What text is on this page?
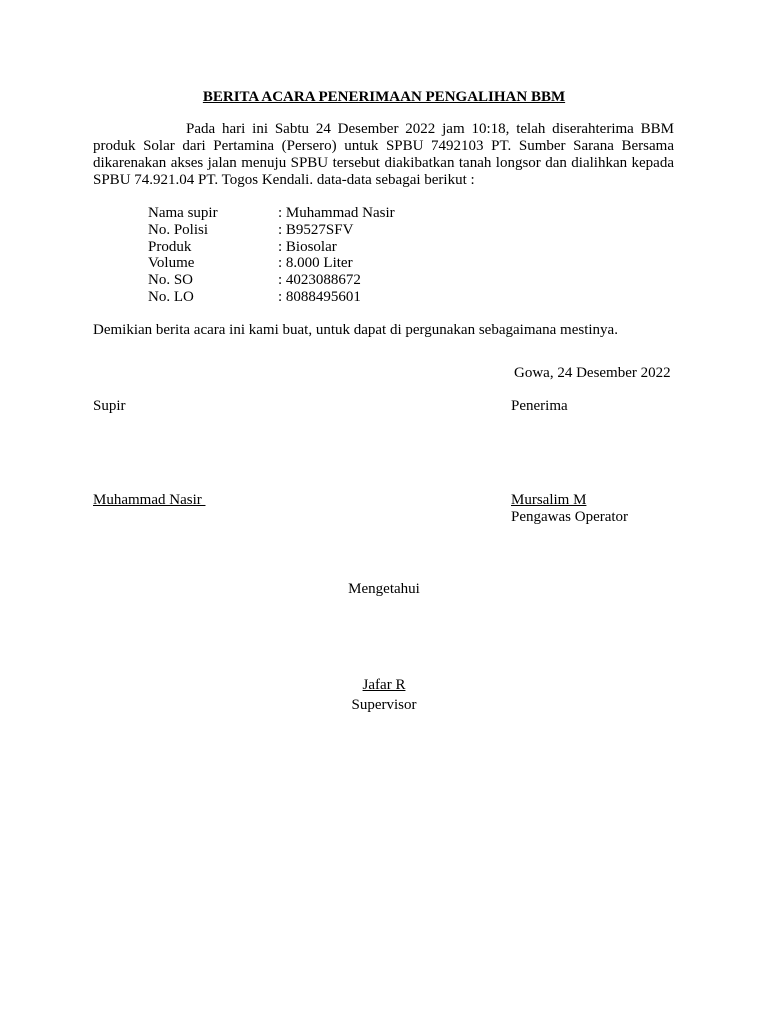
BERITA ACARA PENERIMAAN PENGALIHAN BBM
Pada hari ini Sabtu 24 Desember 2022 jam 10:18, telah diserahterima BBM produk Solar dari Pertamina (Persero) untuk SPBU 7492103 PT. Sumber Sarana Bersama dikarenakan akses jalan menuju SPBU tersebut diakibatkan tanah longsor dan dialihkan kepada SPBU 74.921.04 PT. Togos Kendali. data-data sebagai berikut :
Nama supir	: Muhammad Nasir
No. Polisi	: B9527SFV
Produk	: Biosolar
Volume	: 8.000 Liter
No. SO	: 4023088672
No. LO	: 8088495601
Demikian berita acara ini kami buat, untuk dapat di pergunakan sebagaimana mestinya.
Gowa, 24 Desember 2022
Supir	Penerima
Muhammad Nasir	Mursalim M
Pengawas Operator
Mengetahui
Jafar R
Supervisor
